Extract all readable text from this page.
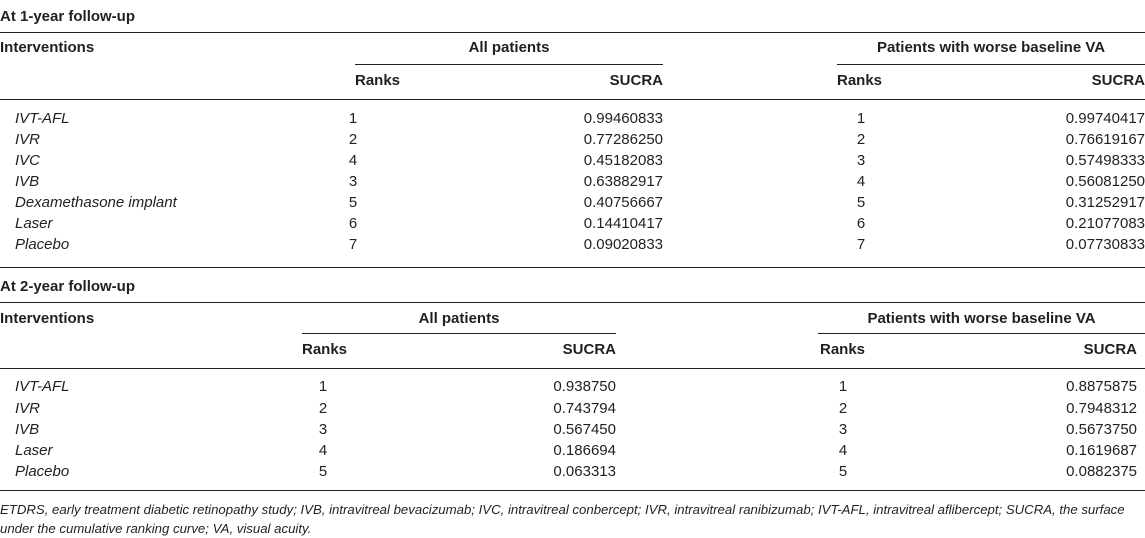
At 1-year follow-up
Interventions	All patients	Patients with worse baseline VA
Ranks	SUCRA	Ranks	SUCRA
IVT-AFL	1	0.99460833	1	0.99740417
IVR	2	0.77286250	2	0.76619167
IVC	4	0.45182083	3	0.57498333
IVB	3	0.63882917	4	0.56081250
Dexamethasone implant	5	0.40756667	5	0.31252917
Laser	6	0.14410417	6	0.21077083
Placebo	7	0.09020833	7	0.07730833
At 2-year follow-up
Interventions	All patients	Patients with worse baseline VA
Ranks	SUCRA	Ranks	SUCRA
IVT-AFL	1	0.938750	1	0.8875875
IVR	2	0.743794	2	0.7948312
IVB	3	0.567450	3	0.5673750
Laser	4	0.186694	4	0.1619687
Placebo	5	0.063313	5	0.0882375
ETDRS, early treatment diabetic retinopathy study; IVB, intravitreal bevacizumab; IVC, intravitreal conbercept; IVR, intravitreal ranibizumab; IVT-AFL, intravitreal aflibercept; SUCRA, the surface under the cumulative ranking curve; VA, visual acuity.
